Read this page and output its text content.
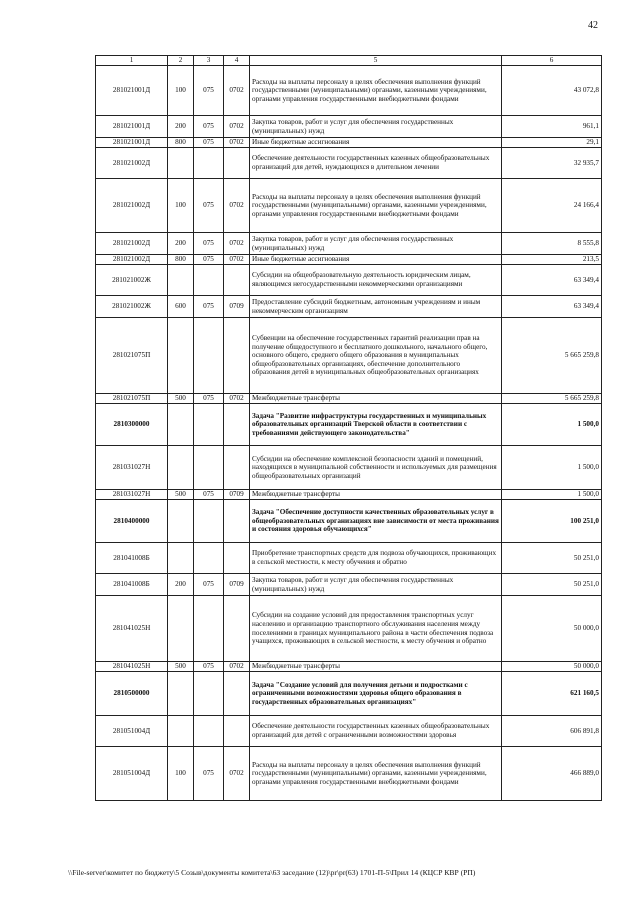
42
1	2	3	4	5	6
281021001Д	100	075	0702	Расходы на выплаты персоналу в целях обеспечения выполнения функций государственными (муниципальными) органами, казенными учреждениями, органами управления государственными внебюджетными фондами	43 072,8
281021001Д	200	075	0702	Закупка товаров, работ и услуг для обеспечения государственных (муниципальных) нужд	961,1
281021001Д	800	075	0702	Иные бюджетные ассигнования	29,1
281021002Д				Обеспечение деятельности государственных казенных общеобразовательных организаций для детей, нуждающихся в длительном лечении	32 935,7
281021002Д	100	075	0702	Расходы на выплаты персоналу в целях обеспечения выполнения функций государственными (муниципальными) органами, казенными учреждениями, органами управления государственными внебюджетными фондами	24 166,4
281021002Д	200	075	0702	Закупка товаров, работ и услуг для обеспечения государственных (муниципальных) нужд	8 555,8
281021002Д	800	075	0702	Иные бюджетные ассигнования	213,5
281021002Ж				Субсидии на общеобразовательную деятельность юридическим лицам, являющимся негосударственными некоммерческими организациями	63 349,4
281021002Ж	600	075	0709	Предоставление субсидий бюджетным, автономным учреждениям и иным некоммерческим организациям	63 349,4
281021075П				Субвенции на обеспечение государственных гарантий реализации прав на получение общедоступного и бесплатного дошкольного, начального общего, основного общего, среднего общего образования в муниципальных общеобразовательных организациях, обеспечение дополнительного образования детей в муниципальных общеобразовательных организациях	5 665 259,8
281021075П	500	075	0702	Межбюджетные трансферты	5 665 259,8
2810300000				Задача "Развитие инфраструктуры государственных и муниципальных образовательных организаций Тверской области в соответствии с требованиями действующего законодательства"	1 500,0
281031027Н				Субсидии на обеспечение комплексной безопасности зданий и помещений, находящихся в муниципальной собственности и используемых для размещения общеобразовательных организаций	1 500,0
281031027Н	500	075	0709	Межбюджетные трансферты	1 500,0
2810400000				Задача "Обеспечение доступности качественных образовательных услуг в общеобразовательных организациях вне зависимости от места проживания и состояния здоровья обучающихся"	100 251,0
281041008Б				Приобретение транспортных средств для подвоза обучающихся, проживающих в сельской местности, к месту обучения и обратно	50 251,0
281041008Б	200	075	0709	Закупка товаров, работ и услуг для обеспечения государственных (муниципальных) нужд	50 251,0
281041025Н				Субсидии на создание условий для предоставления транспортных услуг населению и организацию транспортного обслуживания населения между поселениями в границах муниципального района в части обеспечения подвоза учащихся, проживающих в сельской местности, к месту обучения и обратно	50 000,0
281041025Н	500	075	0702	Межбюджетные трансферты	50 000,0
2810500000				Задача "Создание условий для получения детьми и подростками с ограниченными возможностями здоровья общего образования в государственных образовательных организациях"	621 160,5
281051004Д				Обеспечение деятельности государственных казенных общеобразовательных организаций для детей с ограниченными возможностями здоровья	606 891,8
281051004Д	100	075	0702	Расходы на выплаты персоналу в целях обеспечения выполнения функций государственными (муниципальными) органами, казенными учреждениями, органами управления государственными внебюджетными фондами	466 889,0
\\File-server\комитет по бюджету\5 Созыв\документы комитета\63 заседание (12)\pr\pr(63) 1701-П-5\Прил 14 (КЦСР КВР (РП)
